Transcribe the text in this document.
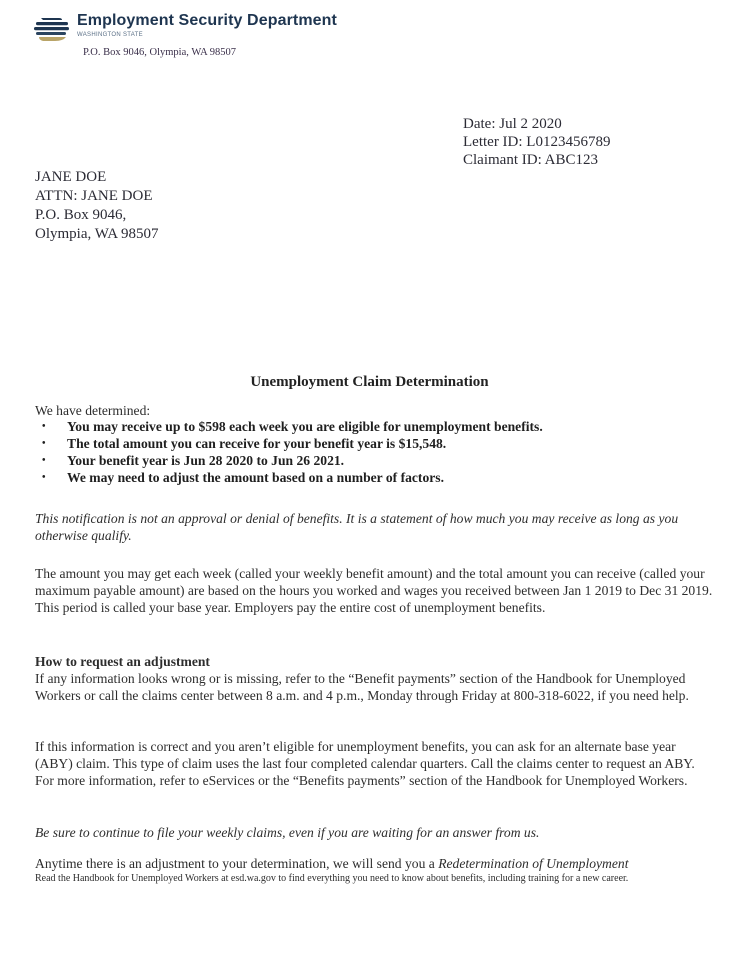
Employment Security Department
WASHINGTON STATE
P.O. Box 9046, Olympia, WA 98507
Date: Jul 2 2020
Letter ID: L0123456789
Claimant ID: ABC123
JANE DOE
ATTN: JANE DOE
P.O. Box 9046,
Olympia, WA 98507
Unemployment Claim Determination
We have determined:
• You may receive up to $598 each week you are eligible for unemployment benefits.
• The total amount you can receive for your benefit year is $15,548.
• Your benefit year is Jun 28 2020 to Jun 26 2021.
• We may need to adjust the amount based on a number of factors.
This notification is not an approval or denial of benefits. It is a statement of how much you may receive as long as you otherwise qualify.
The amount you may get each week (called your weekly benefit amount) and the total amount you can receive (called your maximum payable amount) are based on the hours you worked and wages you received between Jan 1 2019 to Dec 31 2019. This period is called your base year. Employers pay the entire cost of unemployment benefits.
How to request an adjustment
If any information looks wrong or is missing, refer to the “Benefit payments” section of the Handbook for Unemployed Workers or call the claims center between 8 a.m. and 4 p.m., Monday through Friday at 800-318-6022, if you need help.
If this information is correct and you aren’t eligible for unemployment benefits, you can ask for an alternate base year (ABY) claim. This type of claim uses the last four completed calendar quarters. Call the claims center to request an ABY. For more information, refer to eServices or the “Benefits payments” section of the Handbook for Unemployed Workers.
Be sure to continue to file your weekly claims, even if you are waiting for an answer from us.
Anytime there is an adjustment to your determination, we will send you a Redetermination of Unemployment
Read the Handbook for Unemployed Workers at esd.wa.gov to find everything you need to know about benefits, including training for a new career.
